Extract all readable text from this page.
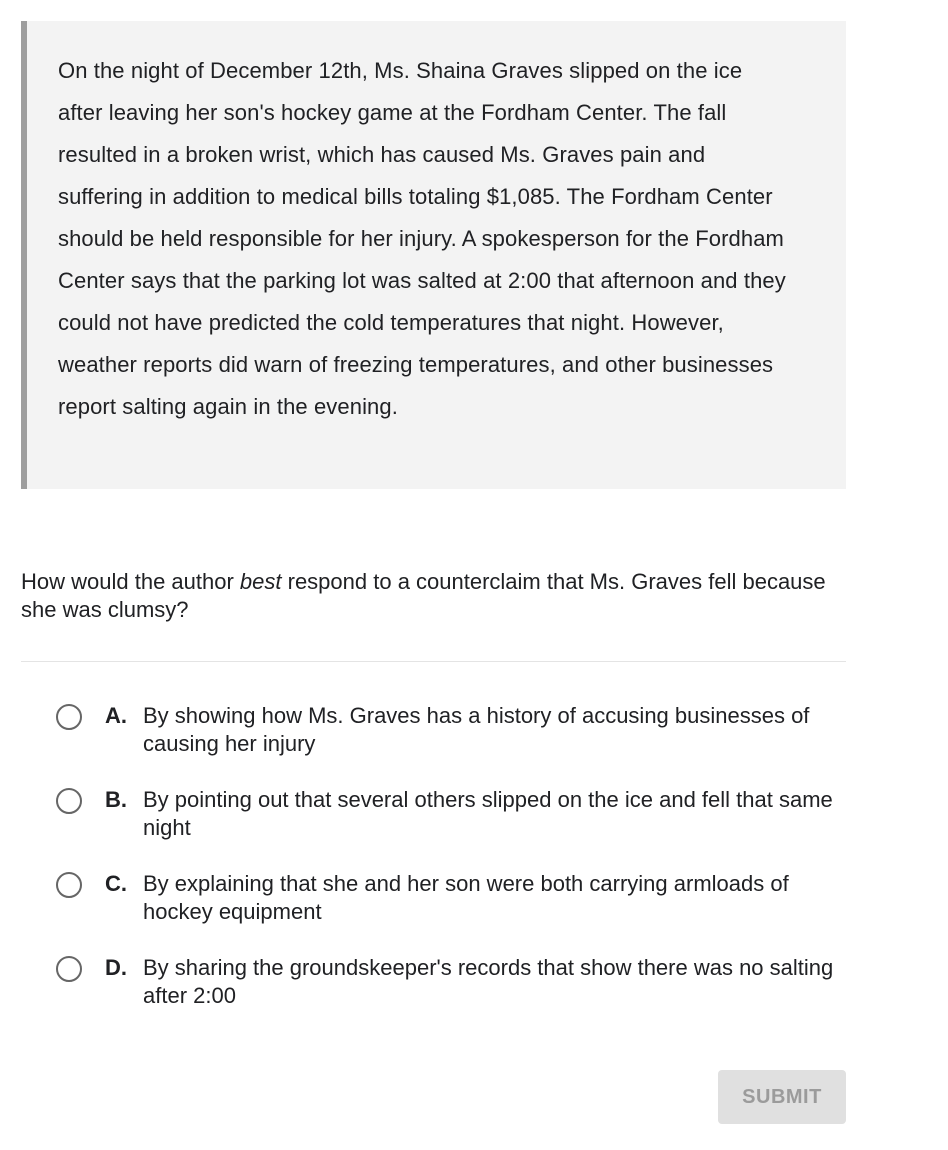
On the night of December 12th, Ms. Shaina Graves slipped on the ice after leaving her son's hockey game at the Fordham Center. The fall resulted in a broken wrist, which has caused Ms. Graves pain and suffering in addition to medical bills totaling $1,085. The Fordham Center should be held responsible for her injury. A spokesperson for the Fordham Center says that the parking lot was salted at 2:00 that afternoon and they could not have predicted the cold temperatures that night. However, weather reports did warn of freezing temperatures, and other businesses report salting again in the evening.

How would the author best respond to a counterclaim that Ms. Graves fell because she was clumsy?

A. By showing how Ms. Graves has a history of accusing businesses of causing her injury
B. By pointing out that several others slipped on the ice and fell that same night
C. By explaining that she and her son were both carrying armloads of hockey equipment
D. By sharing the groundskeeper's records that show there was no salting after 2:00
SUBMIT
